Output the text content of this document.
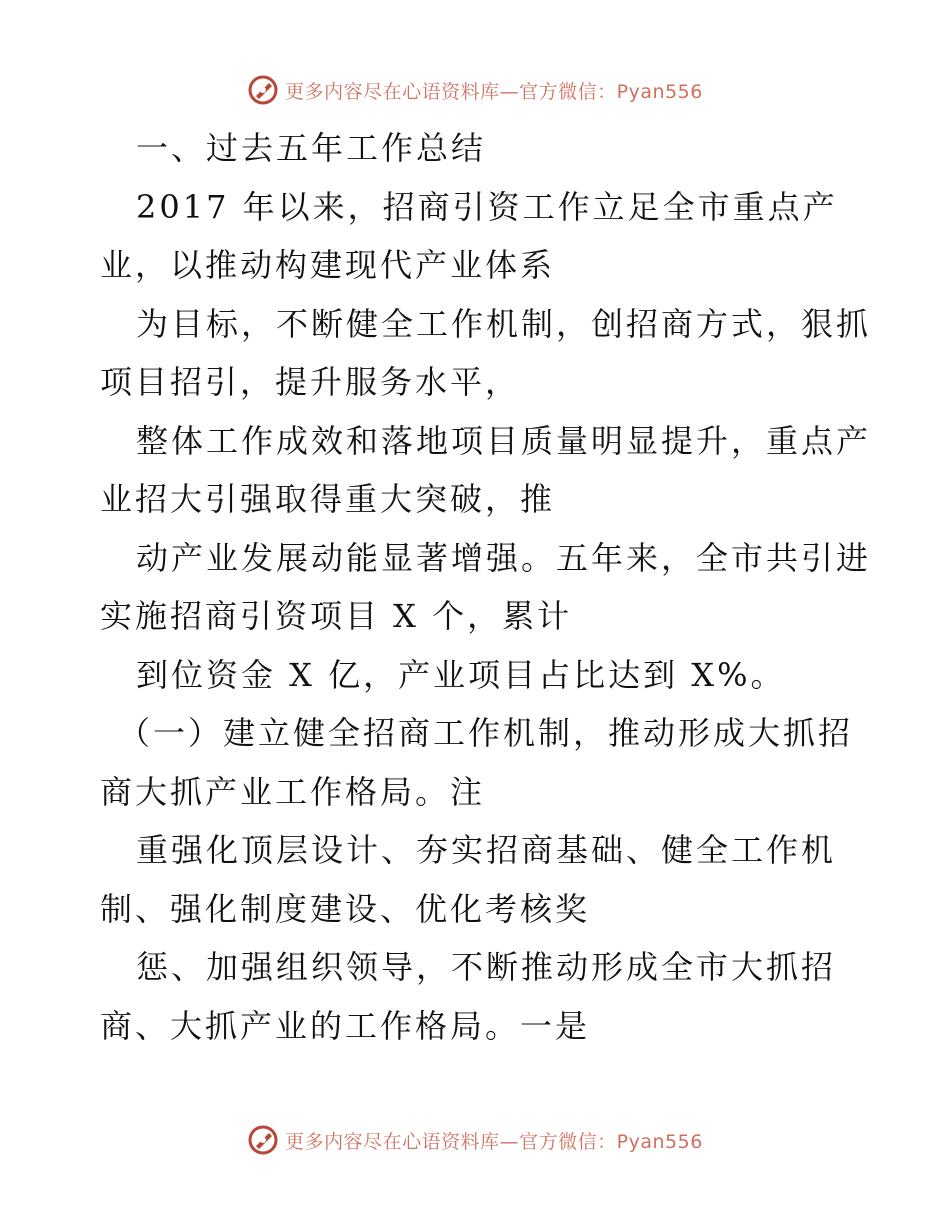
更多内容尽在心语资料库—官方微信：Pyan556
一、过去五年工作总结
2017 年以来，招商引资工作立足全市重点产
业，以推动构建现代产业体系
为目标，不断健全工作机制，创招商方式，狠抓
项目招引，提升服务水平，
整体工作成效和落地项目质量明显提升，重点产
业招大引强取得重大突破，推
动产业发展动能显著增强。五年来，全市共引进
实施招商引资项目 X 个，累计
到位资金 X 亿，产业项目占比达到 X%。
（一）建立健全招商工作机制，推动形成大抓招
商大抓产业工作格局。注
重强化顶层设计、夯实招商基础、健全工作机
制、强化制度建设、优化考核奖
惩、加强组织领导，不断推动形成全市大抓招
商、大抓产业的工作格局。一是
更多内容尽在心语资料库—官方微信：Pyan556
